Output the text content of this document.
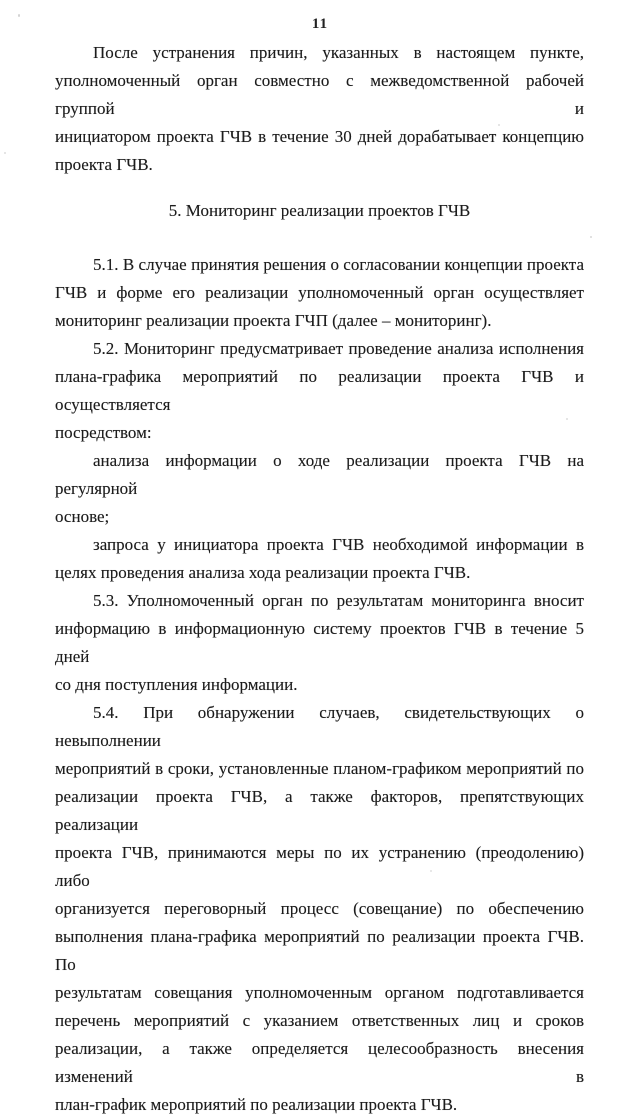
11
После устранения причин, указанных в настоящем пункте,
уполномоченный орган совместно с межведомственной рабочей группой и
инициатором проекта ГЧВ в течение 30 дней дорабатывает концепцию
проекта ГЧВ.
5. Мониторинг реализации проектов ГЧВ
5.1. В случае принятия решения о согласовании концепции проекта
ГЧВ и форме его реализации уполномоченный орган осуществляет
мониторинг реализации проекта ГЧП (далее – мониторинг).
5.2. Мониторинг предусматривает проведение анализа исполнения
плана-графика мероприятий по реализации проекта ГЧВ и осуществляется
посредством:
анализа информации о ходе реализации проекта ГЧВ на регулярной
основе;
запроса у инициатора проекта ГЧВ необходимой информации в
целях проведения анализа хода реализации проекта ГЧВ.
5.3. Уполномоченный орган по результатам мониторинга вносит
информацию в информационную систему проектов ГЧВ в течение 5 дней
со дня поступления информации.
5.4. При обнаружении случаев, свидетельствующих о невыполнении
мероприятий в сроки, установленные планом-графиком мероприятий по
реализации проекта ГЧВ, а также факторов, препятствующих реализации
проекта ГЧВ, принимаются меры по их устранению (преодолению) либо
организуется переговорный процесс (совещание) по обеспечению
выполнения плана-графика мероприятий по реализации проекта ГЧВ. По
результатам совещания уполномоченным органом подготавливается
перечень мероприятий с указанием ответственных лиц и сроков
реализации, а также определяется целесообразность внесения изменений в
план-график мероприятий по реализации проекта ГЧВ.
